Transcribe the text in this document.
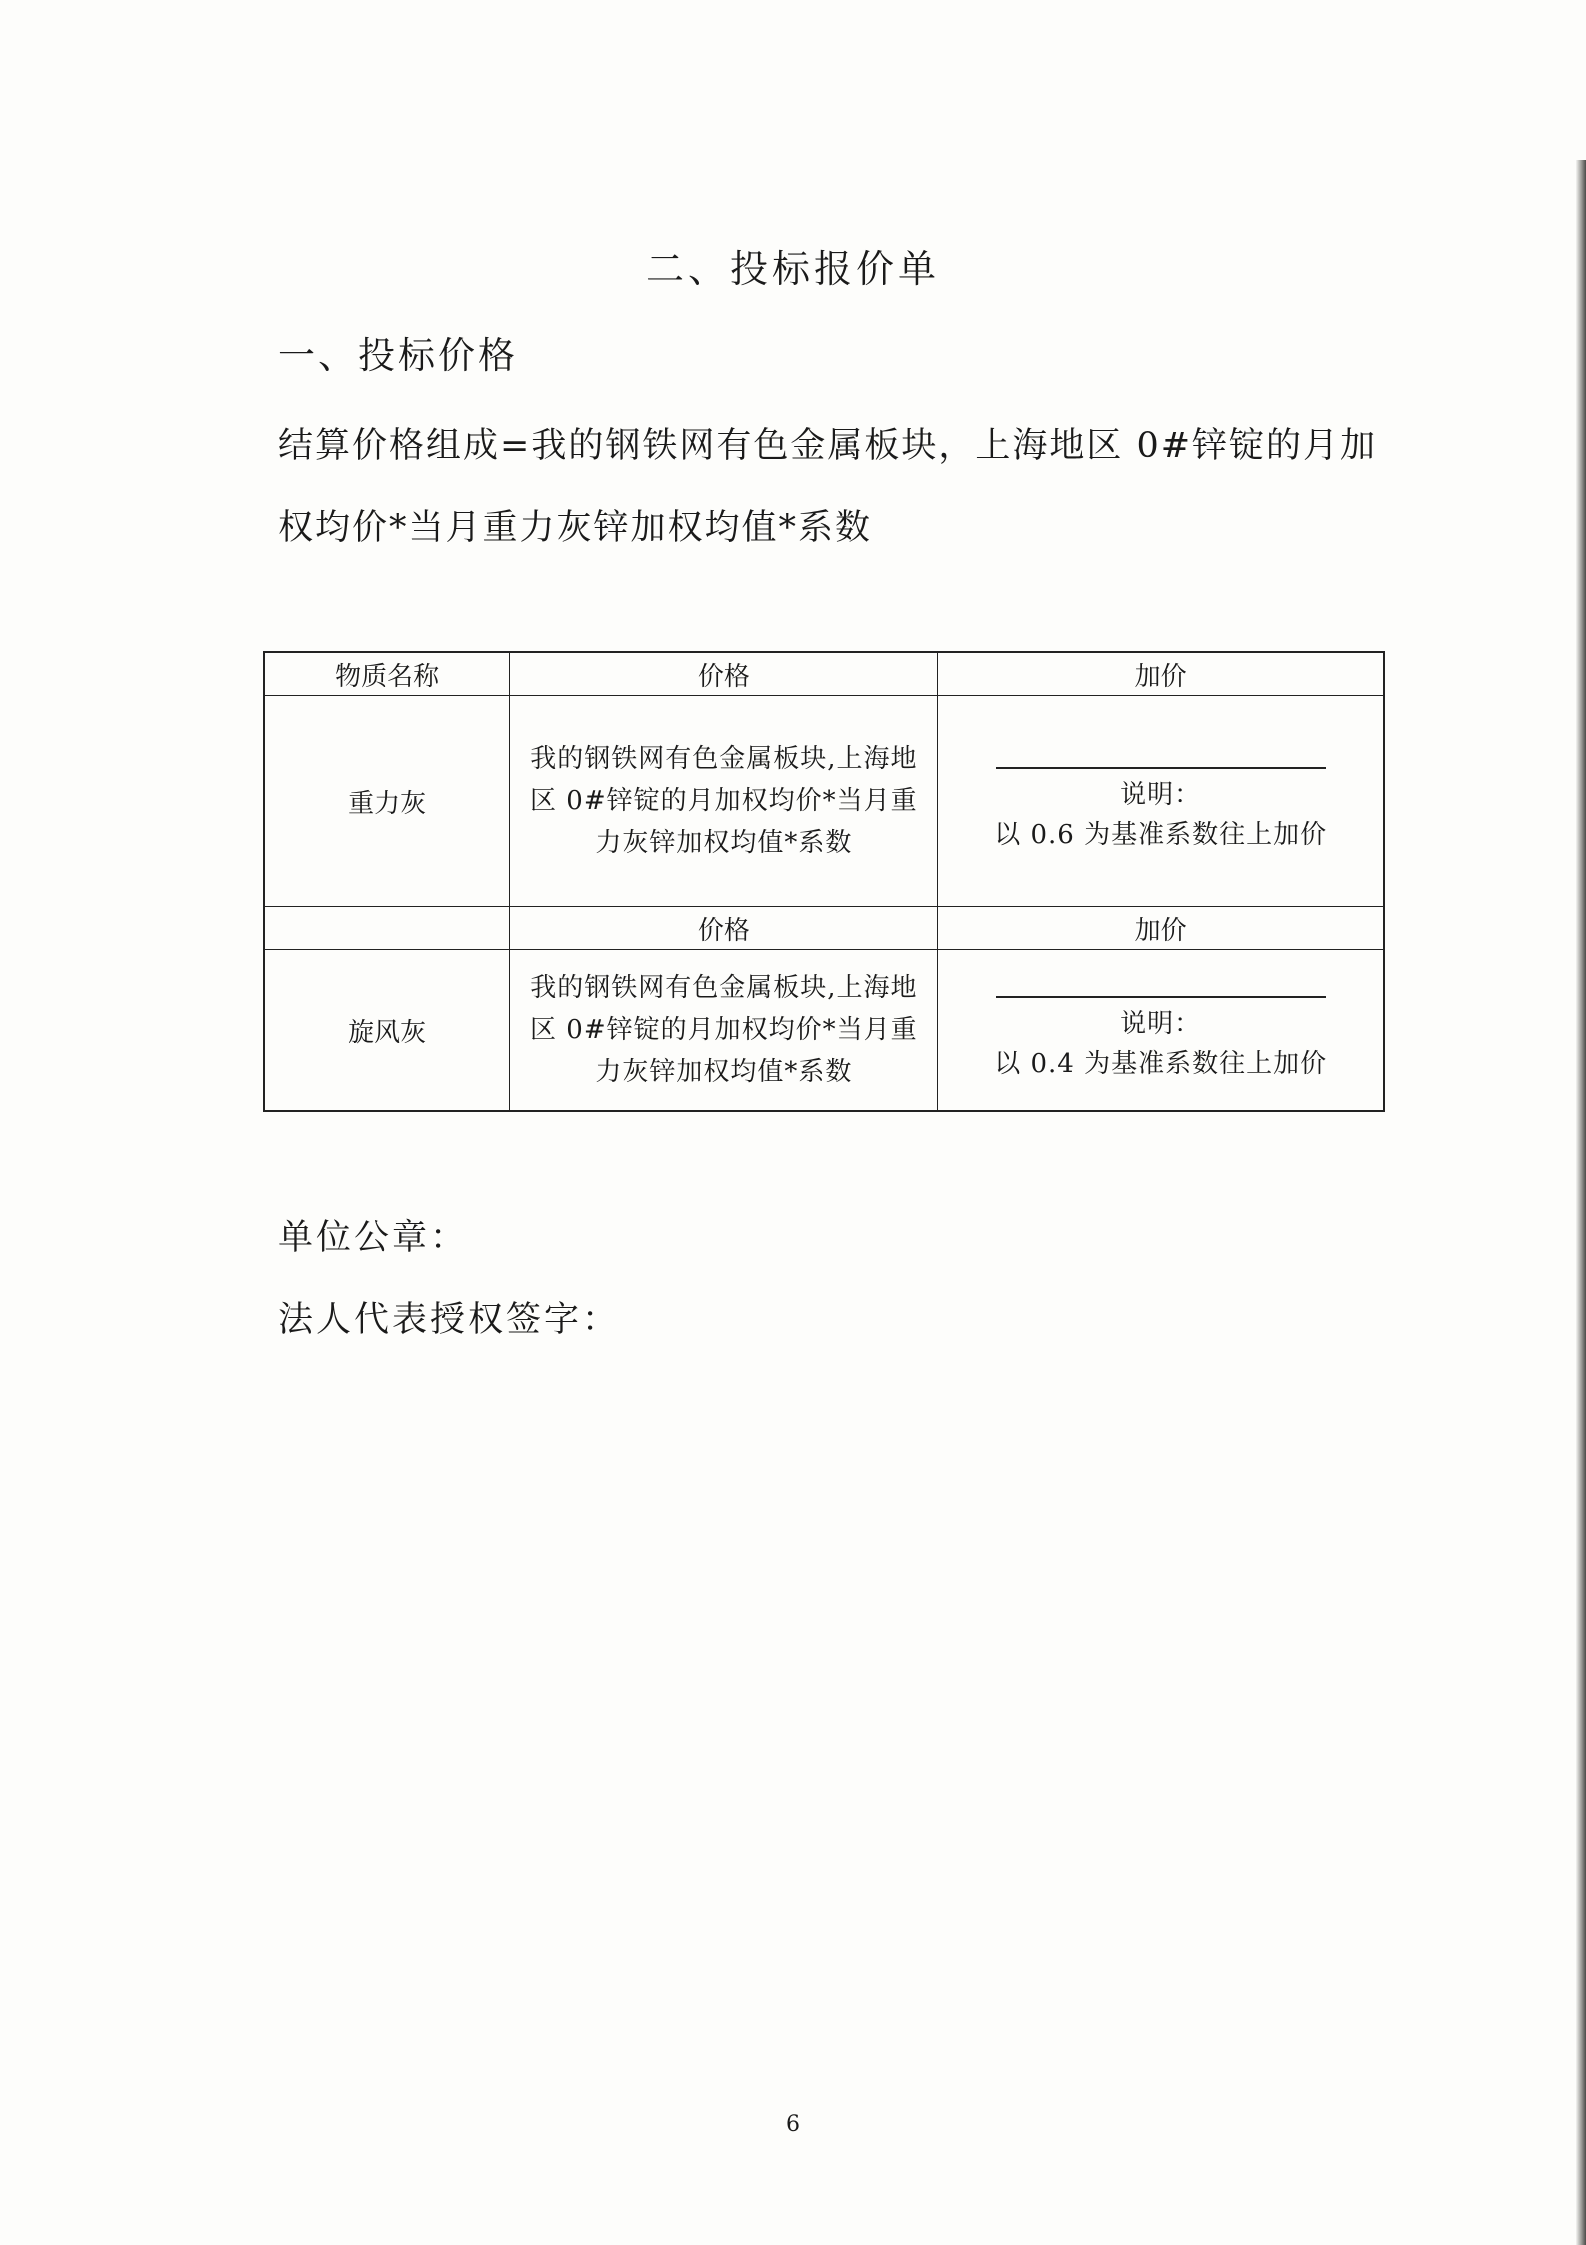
二、投标报价单
一、投标价格
结算价格组成=我的钢铁网有色金属板块，上海地区 0#锌锭的月加权均价*当月重力灰锌加权均值*系数
物质名称	价格	加价
重力灰	我的钢铁网有色金属板块,上海地区 0#锌锭的月加权均价*当月重力灰锌加权均值*系数	说明：
以 0.6 为基准系数往上加价

	价格	加价
旋风灰	我的钢铁网有色金属板块,上海地区 0#锌锭的月加权均价*当月重力灰锌加权均值*系数	说明：
以 0.4 为基准系数往上加价
单位公章：
法人代表授权签字：
6
